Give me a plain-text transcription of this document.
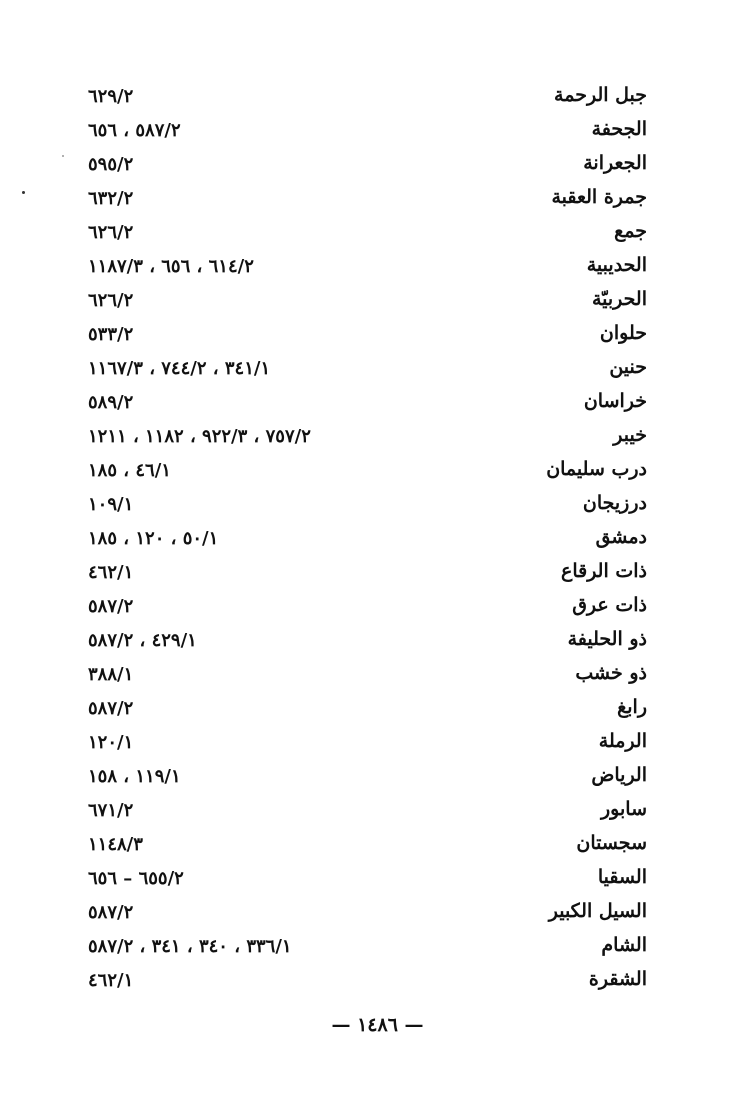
جبل الرحمة
٦٢٩/٢
الجحفة
٥٨٧/٢ ، ٦٥٦
الجعرانة
٥٩٥/٢
جمرة العقبة
٦٣٢/٢
جمع
٦٢٦/٢
الحديبية
٦١٤/٢ ، ٦٥٦ ، ١١٨٧/٣
الحربيّة
٦٢٦/٢
حلوان
٥٣٣/٢
حنين
٣٤١/١ ، ٧٤٤/٢ ، ١١٦٧/٣
خراسان
٥٨٩/٢
خيبر
٧٥٧/٢ ، ٩٢٢/٣ ، ١١٨٢ ، ١٢١١
درب سليمان
٤٦/١ ، ١٨٥
درزيجان
١٠٩/١
دمشق
٥٠/١ ، ١٢٠ ، ١٨٥
ذات الرقاع
٤٦٢/١
ذات عرق
٥٨٧/٢
ذو الحليفة
٤٢٩/١ ، ٥٨٧/٢
ذو خشب
٣٨٨/١
رابغ
٥٨٧/٢
الرملة
١٢٠/١
الرياض
١١٩/١ ، ١٥٨
سابور
٦٧١/٢
سجستان
١١٤٨/٣
السقيا
٦٥٥/٢ – ٦٥٦
السيل الكبير
٥٨٧/٢
الشام
٣٣٦/١ ، ٣٤٠ ، ٣٤١ ، ٥٨٧/٢
الشقرة
٤٦٢/١
— ١٤٨٦ —
